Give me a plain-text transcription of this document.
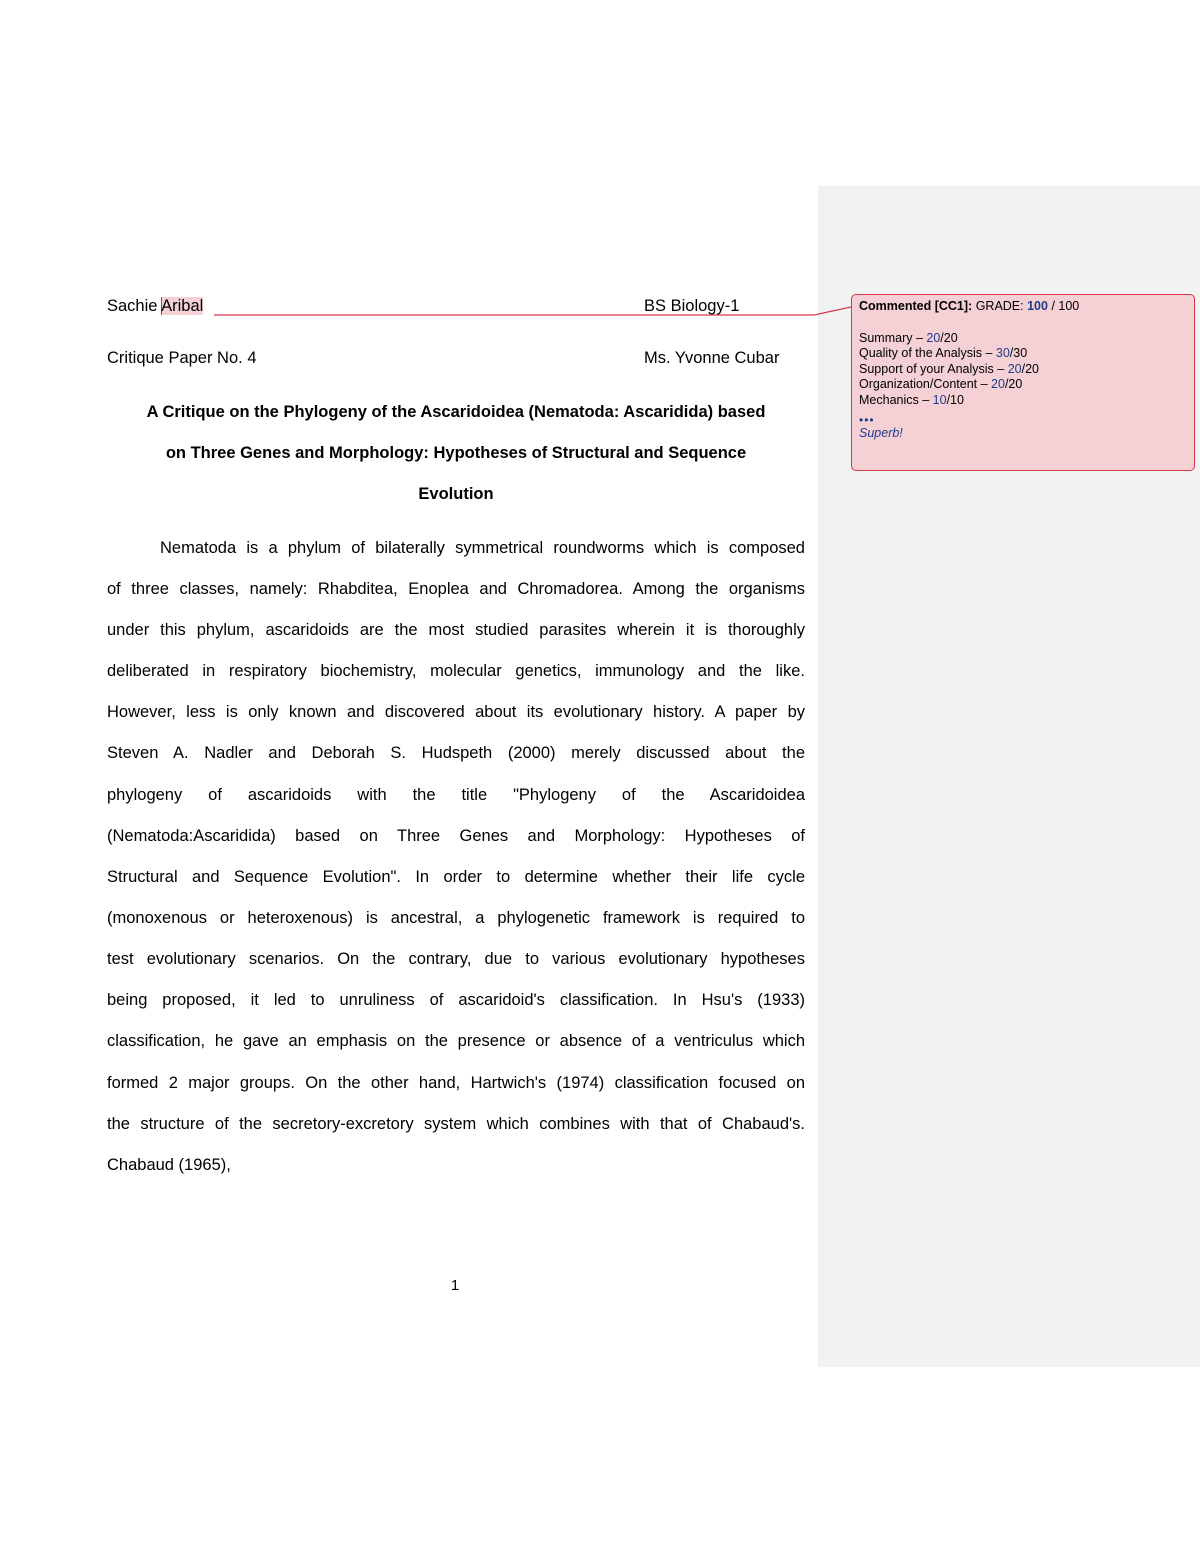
Sachie Aribal	BS Biology-1
Critique Paper No. 4	Ms. Yvonne Cubar
A Critique on the Phylogeny of the Ascaridoidea (Nematoda: Ascaridida) based
on Three Genes and Morphology: Hypotheses of Structural and Sequence
Evolution
Nematoda is a phylum of bilaterally symmetrical roundworms which is composed
of three classes, namely: Rhabditea, Enoplea and Chromadorea. Among the organisms
under this phylum, ascaridoids are the most studied parasites wherein it is thoroughly
deliberated in respiratory biochemistry, molecular genetics, immunology and the like.
However, less is only known and discovered about its evolutionary history. A paper by
Steven A. Nadler and Deborah S. Hudspeth (2000) merely discussed about the
phylogeny of ascaridoids with the title "Phylogeny of the Ascaridoidea
(Nematoda:Ascaridida) based on Three Genes and Morphology: Hypotheses of
Structural and Sequence Evolution". In order to determine whether their life cycle
(monoxenous or heteroxenous) is ancestral, a phylogenetic framework is required to
test evolutionary scenarios. On the contrary, due to various evolutionary hypotheses
being proposed, it led to unruliness of ascaridoid's classification. In Hsu's (1933)
classification, he gave an emphasis on the presence or absence of a ventriculus which
formed 2 major groups. On the other hand, Hartwich's (1974) classification focused on
the structure of the secretory-excretory system which combines with that of Chabaud's.
Chabaud (1965),
1
Commented [CC1]: GRADE: 100 / 100
Summary – 20/20
Quality of the Analysis – 30/30
Support of your Analysis – 20/20
Organization/Content – 20/20
Mechanics – 10/10
•••
Superb!
